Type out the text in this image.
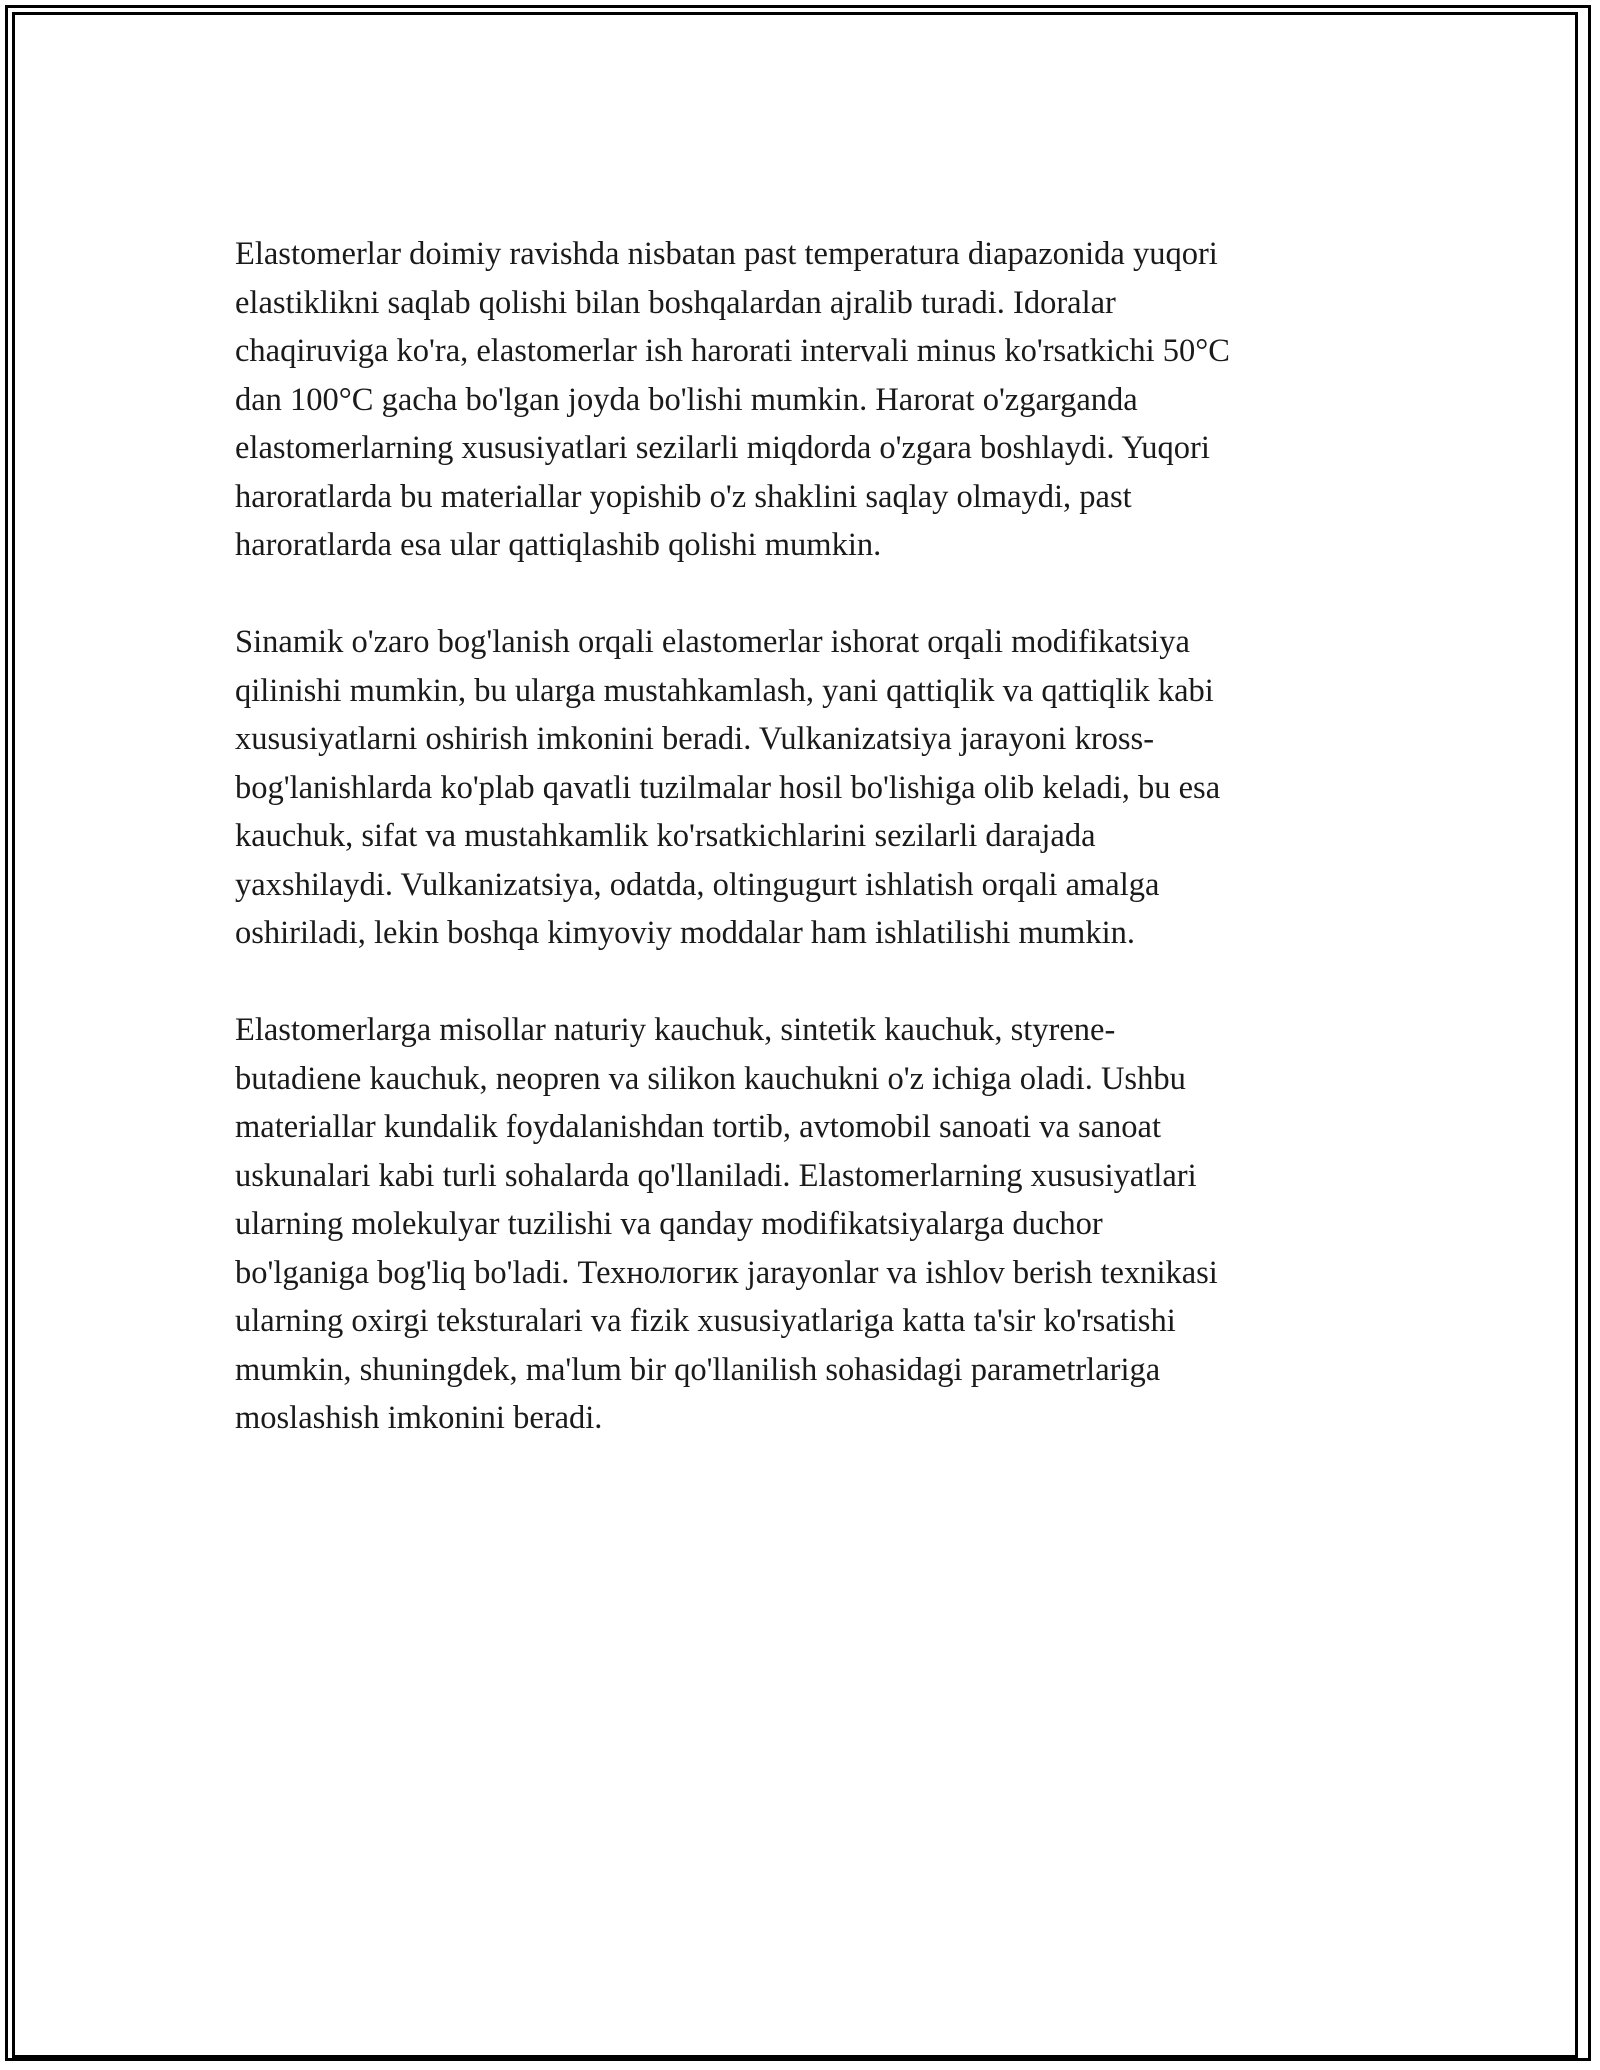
Elastomerlar doimiy ravishda nisbatan past temperatura diapazonida yuqori
elastiklikni saqlab qolishi bilan boshqalardan ajralib turadi. Idoralar
chaqiruviga ko'ra, elastomerlar ish harorati intervali minus ko'rsatkichi 50°C
dan 100°C gacha bo'lgan joyda bo'lishi mumkin. Harorat o'zgarganda
elastomerlarning xususiyatlari sezilarli miqdorda o'zgara boshlaydi. Yuqori
haroratlarda bu materiallar yopishib o'z shaklini saqlay olmaydi, past
haroratlarda esa ular qattiqlashib qolishi mumkin.

Sinamik o'zaro bog'lanish orqali elastomerlar ishorat orqali modifikatsiya
qilinishi mumkin, bu ularga mustahkamlash, yani qattiqlik va qattiqlik kabi
xususiyatlarni oshirish imkonini beradi. Vulkanizatsiya jarayoni kross-
bog'lanishlarda ko'plab qavatli tuzilmalar hosil bo'lishiga olib keladi, bu esa
kauchuk, sifat va mustahkamlik ko'rsatkichlarini sezilarli darajada
yaxshilaydi. Vulkanizatsiya, odatda, oltingugurt ishlatish orqali amalga
oshiriladi, lekin boshqa kimyoviy moddalar ham ishlatilishi mumkin.

Elastomerlarga misollar naturiy kauchuk, sintetik kauchuk, styrene-
butadiene kauchuk, neopren va silikon kauchukni o'z ichiga oladi. Ushbu
materiallar kundalik foydalanishdan tortib, avtomobil sanoati va sanoat
uskunalari kabi turli sohalarda qo'llaniladi. Elastomerlarning xususiyatlari
ularning molekulyar tuzilishi va qanday modifikatsiyalarga duchor
bo'lganiga bog'liq bo'ladi. Технологик jarayonlar va ishlov berish texnikasi
ularning oxirgi teksturalari va fizik xususiyatlariga katta ta'sir ko'rsatishi
mumkin, shuningdek, ma'lum bir qo'llanilish sohasidagi parametrlariga
moslashish imkonini beradi.
